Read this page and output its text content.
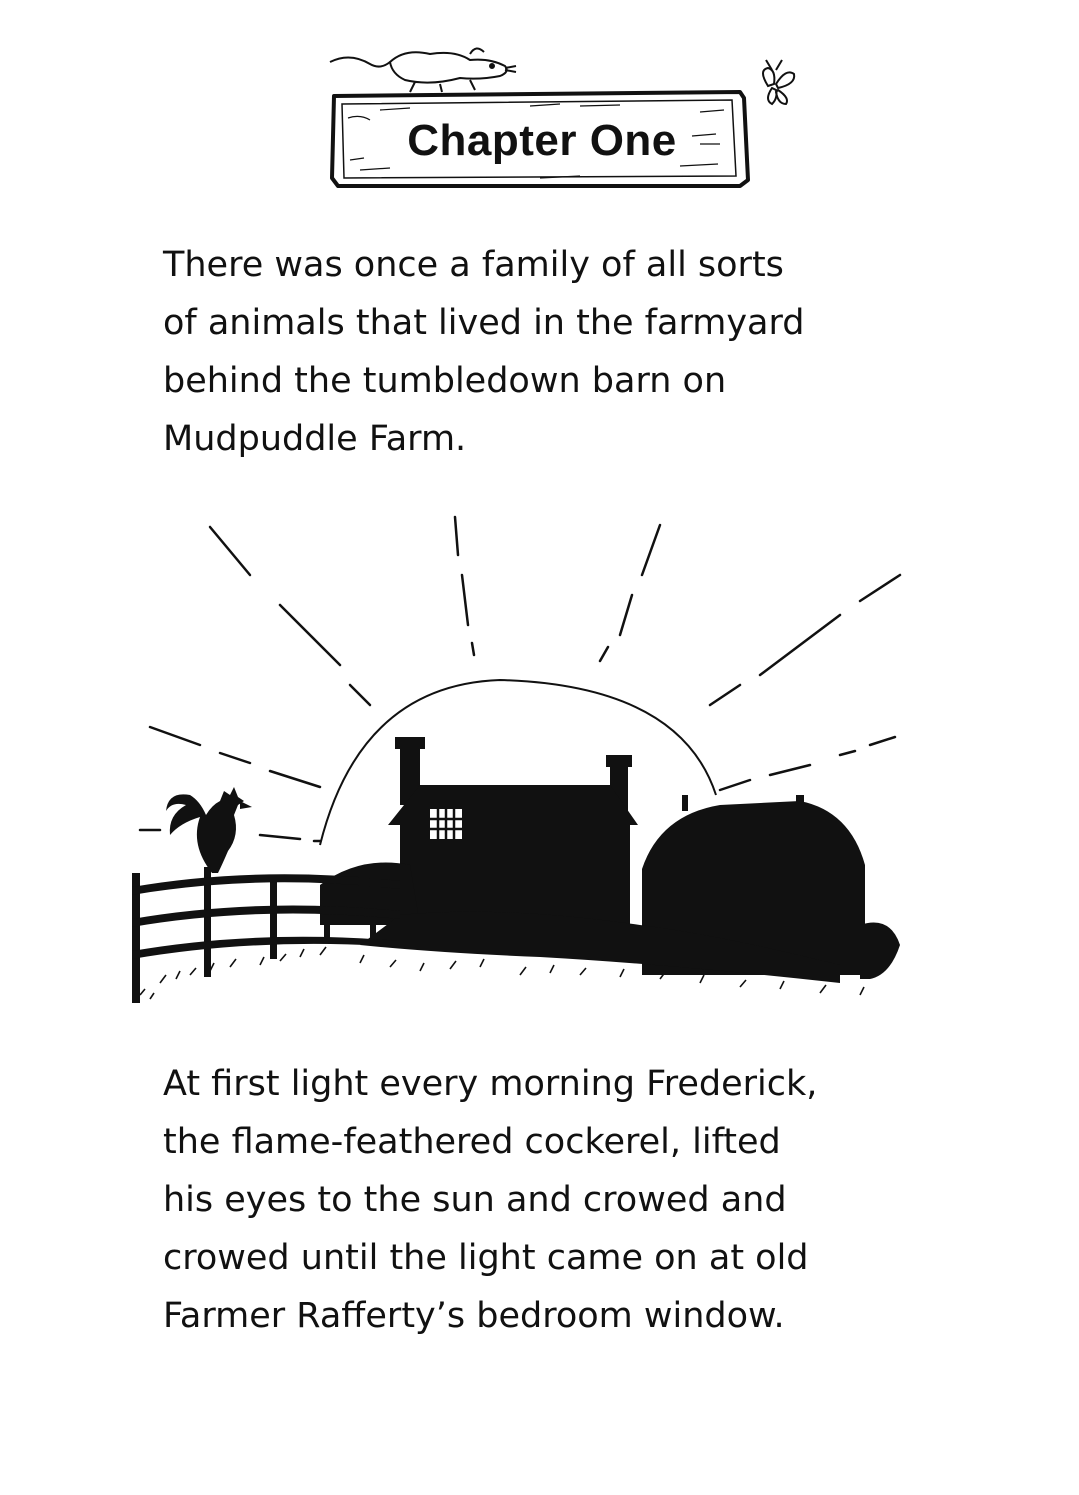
Chapter One

There was once a family of all sorts
of animals that lived in the farmyard
behind the tumbledown barn on
Mudpuddle Farm.

At first light every morning Frederick,
the flame-feathered cockerel, lifted
his eyes to the sun and crowed and
crowed until the light came on at old
Farmer Rafferty’s bedroom window.
